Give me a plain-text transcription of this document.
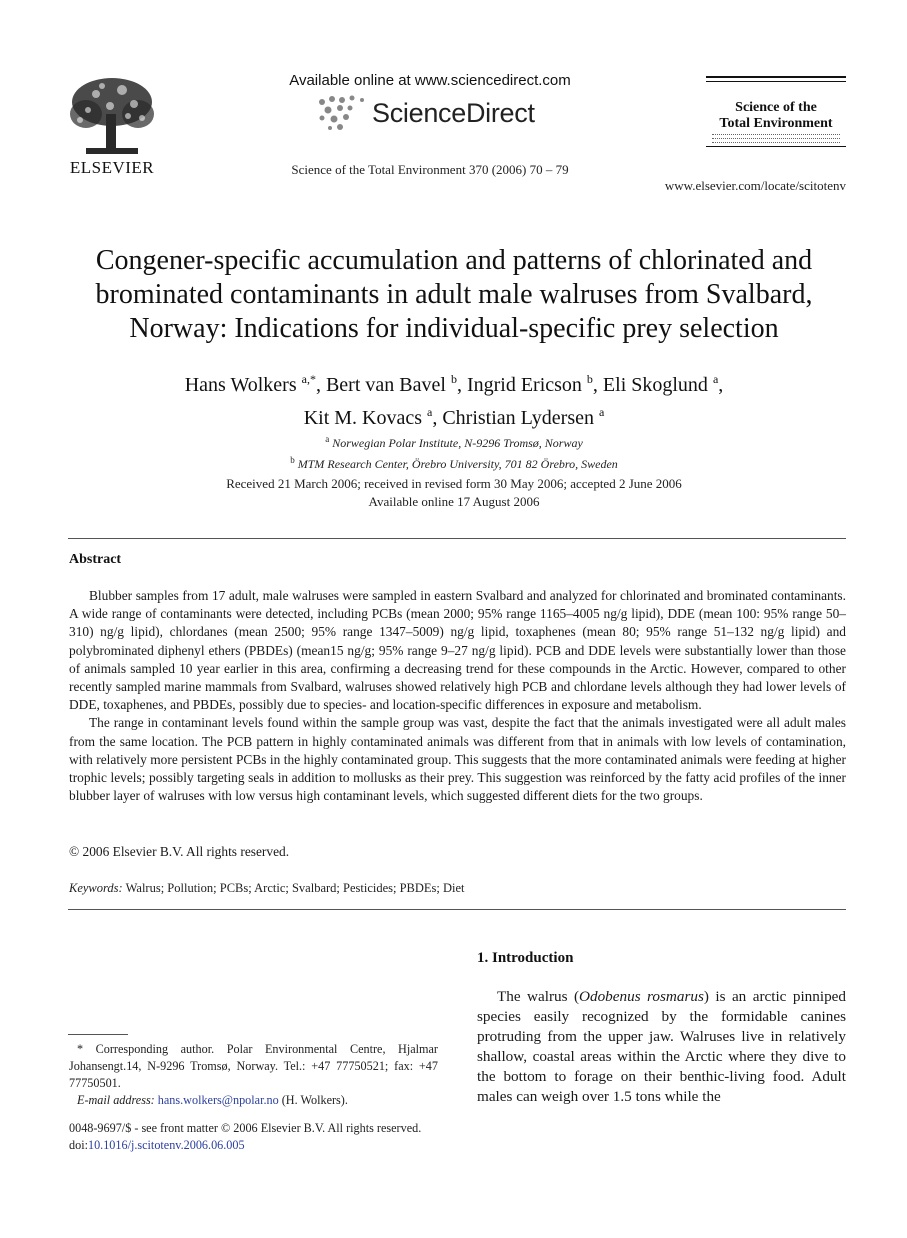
ELSEVIER
Available online at www.sciencedirect.com
ScienceDirect
Science of the Total Environment 370 (2006) 70 – 79
Science of the
Total Environment
www.elsevier.com/locate/scitotenv
Congener-specific accumulation and patterns of chlorinated and brominated contaminants in adult male walruses from Svalbard, Norway: Indications for individual-specific prey selection
Hans Wolkers $^{a,*}$, Bert van Bavel $^b$, Ingrid Ericson $^b$, Eli Skoglund $^a$,
Kit M. Kovacs $^a$, Christian Lydersen $^a$
$^a$ Norwegian Polar Institute, N-9296 Tromsø, Norway
$^b$ MTM Research Center, Örebro University, 701 82 Örebro, Sweden
Received 21 March 2006; received in revised form 30 May 2006; accepted 2 June 2006
Available online 17 August 2006
Abstract

Blubber samples from 17 adult, male walruses were sampled in eastern Svalbard and analyzed for chlorinated and brominated contaminants. A wide range of contaminants were detected, including PCBs (mean 2000; 95% range 1165–4005 ng/g lipid), DDE (mean 100: 95% range 50–310) ng/g lipid), chlordanes (mean 2500; 95% range 1347–5009) ng/g lipid, toxaphenes (mean 80; 95% range 51–132 ng/g lipid) and polybrominated diphenyl ethers (PBDEs) (mean15 ng/g; 95% range 9–27 ng/g lipid). PCB and DDE levels were substantially lower than those of animals sampled 10 year earlier in this area, confirming a decreasing trend for these compounds in the Arctic. However, compared to other recently sampled marine mammals from Svalbard, walruses showed relatively high PCB and chlordane levels although they had lower levels of DDE, toxaphenes, and PBDEs, possibly due to species- and location-specific differences in exposure and metabolism.

The range in contaminant levels found within the sample group was vast, despite the fact that the animals investigated were all adult males from the same location. The PCB pattern in highly contaminated animals was different from that in animals with low levels of contamination, with relatively more persistent PCBs in the highly contaminated group. This suggests that the more contaminated animals were feeding at higher trophic levels; possibly targeting seals in addition to mollusks as their prey. This suggestion was reinforced by the fatty acid profiles of the inner blubber layer of walruses with low versus high contaminant levels, which suggested different diets for the two groups.

© 2006 Elsevier B.V. All rights reserved.
Keywords: Walrus; Pollution; PCBs; Arctic; Svalbard; Pesticides; PBDEs; Diet
1. Introduction

The walrus (Odobenus rosmarus) is an arctic pinniped species easily recognized by the formidable canines protruding from the upper jaw. Walruses live in relatively shallow, coastal areas within the Arctic where they dive to the bottom to forage on their benthic-living food. Adult males can weigh over 1.5 tons while the

* Corresponding author. Polar Environmental Centre, Hjalmar Johansengt.14, N-9296 Tromsø, Norway. Tel.: +47 77750521; fax: +47 77750501.

E-mail address: hans.wolkers@npolar.no (H. Wolkers).

0048-9697/$ - see front matter © 2006 Elsevier B.V. All rights reserved.
doi:10.1016/j.scitotenv.2006.06.005
